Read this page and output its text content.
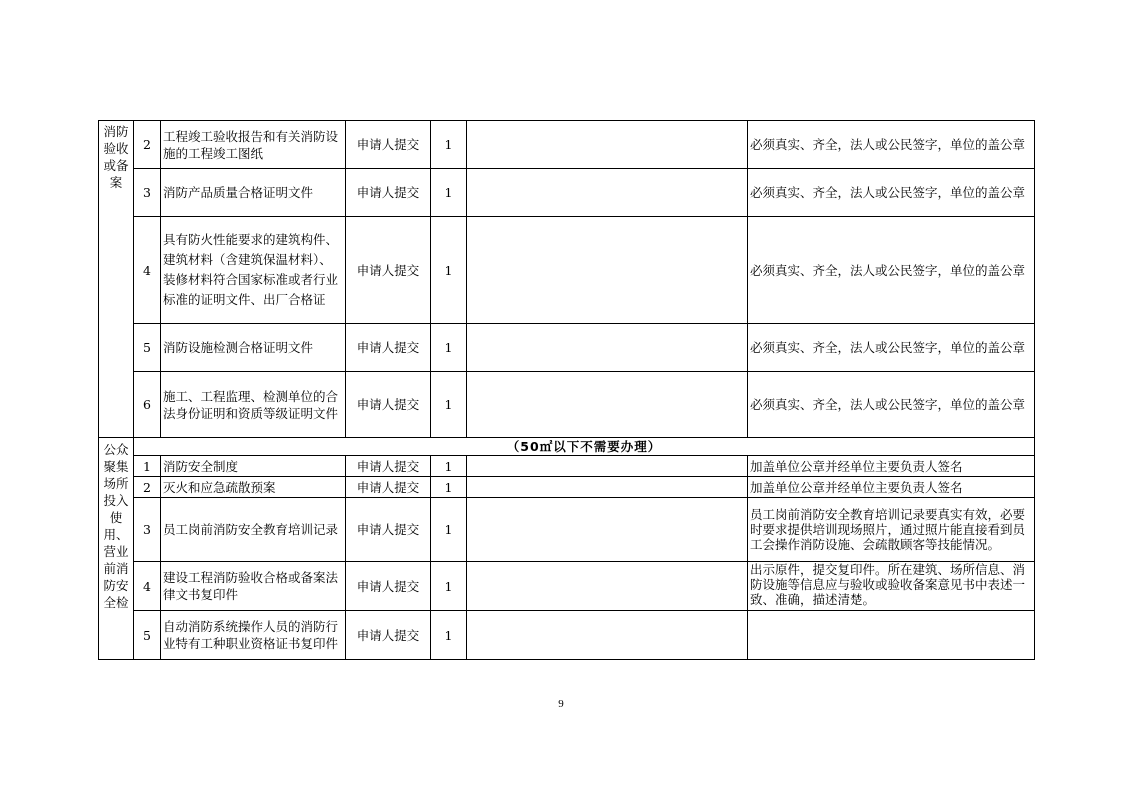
消防验收或备案	2	工程竣工验收报告和有关消防设施的工程竣工图纸	申请人提交	1		必须真实、齐全，法人或公民签字，单位的盖公章
	3	消防产品质量合格证明文件	申请人提交	1		必须真实、齐全，法人或公民签字，单位的盖公章
	4	具有防火性能要求的建筑构件、建筑材料（含建筑保温材料）、装修材料符合国家标准或者行业标准的证明文件、出厂合格证	申请人提交	1		必须真实、齐全，法人或公民签字，单位的盖公章
	5	消防设施检测合格证明文件	申请人提交	1		必须真实、齐全，法人或公民签字，单位的盖公章
	6	施工、工程监理、检测单位的合法身份证明和资质等级证明文件	申请人提交	1		必须真实、齐全，法人或公民签字，单位的盖公章
公众聚集场所投入使用、营业前消防安全检	（50㎡以下不需要办理）					
	1	消防安全制度	申请人提交	1		加盖单位公章并经单位主要负责人签名
	2	灭火和应急疏散预案	申请人提交	1		加盖单位公章并经单位主要负责人签名
	3	员工岗前消防安全教育培训记录	申请人提交	1		员工岗前消防安全教育培训记录要真实有效，必要时要求提供培训现场照片，通过照片能直接看到员工会操作消防设施、会疏散顾客等技能情况。
	4	建设工程消防验收合格或备案法律文书复印件	申请人提交	1		出示原件，提交复印件。所在建筑、场所信息、消防设施等信息应与验收或验收备案意见书中表述一致、准确，描述清楚。
	5	自动消防系统操作人员的消防行业特有工种职业资格证书复印件	申请人提交	1		
9
